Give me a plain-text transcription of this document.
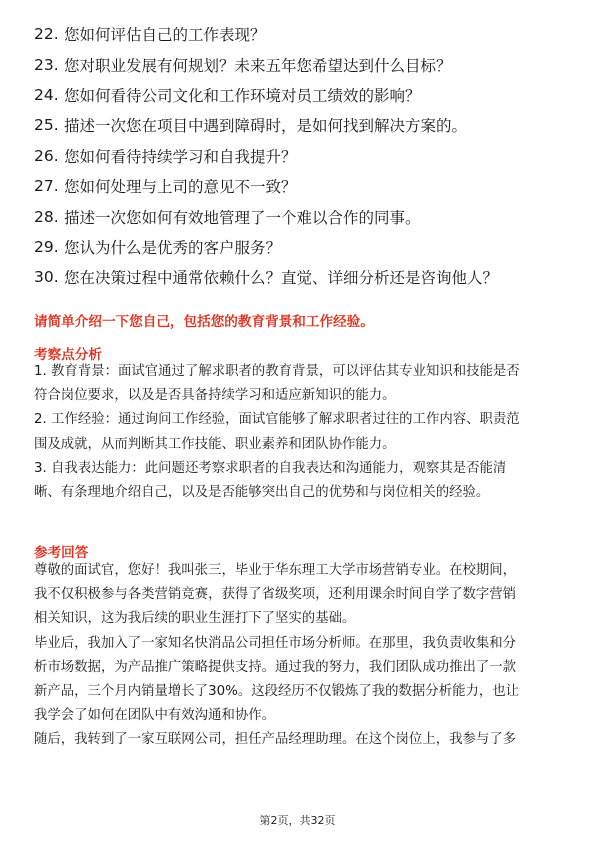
22. 您如何评估自己的工作表现？
23. 您对职业发展有何规划？未来五年您希望达到什么目标？
24. 您如何看待公司文化和工作环境对员工绩效的影响？
25. 描述一次您在项目中遇到障碍时，是如何找到解决方案的。
26. 您如何看待持续学习和自我提升？
27. 您如何处理与上司的意见不一致？
28. 描述一次您如何有效地管理了一个难以合作的同事。
29. 您认为什么是优秀的客户服务？
30. 您在决策过程中通常依赖什么？直觉、详细分析还是咨询他人？
请简单介绍一下您自己，包括您的教育背景和工作经验。
考察点分析
1. 教育背景：面试官通过了解求职者的教育背景，可以评估其专业知识和技能是否
符合岗位要求，以及是否具备持续学习和适应新知识的能力。
2. 工作经验：通过询问工作经验，面试官能够了解求职者过往的工作内容、职责范
围及成就，从而判断其工作技能、职业素养和团队协作能力。
3. 自我表达能力：此问题还考察求职者的自我表达和沟通能力，观察其是否能清
晰、有条理地介绍自己，以及是否能够突出自己的优势和与岗位相关的经验。
参考回答
尊敬的面试官，您好！我叫张三，毕业于华东理工大学市场营销专业。在校期间，
我不仅积极参与各类营销竞赛，获得了省级奖项，还利用课余时间自学了数字营销
相关知识，这为我后续的职业生涯打下了坚实的基础。
毕业后，我加入了一家知名快消品公司担任市场分析师。在那里，我负责收集和分
析市场数据，为产品推广策略提供支持。通过我的努力，我们团队成功推出了一款
新产品，三个月内销量增长了30%。这段经历不仅锻炼了我的数据分析能力，也让
我学会了如何在团队中有效沟通和协作。
随后，我转到了一家互联网公司，担任产品经理助理。在这个岗位上，我参与了多
第2页，共32页
